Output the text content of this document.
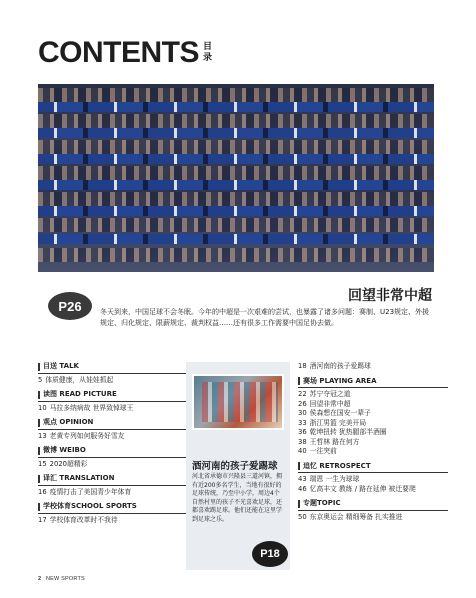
CONTENTS 目
录
P26
回望非常中超
冬天到来，中国足球不会冬眠。今年的中超是一次艰难的尝试，也暴露了诸多问题：赛制、U23规定、外援规定、归化规定、限薪规定、裁判权益……还有很多工作需要中国足协去做。
目送 TALK
5 体质健康，从娃娃抓起
读图 READ PICTURE
10 马拉多纳病故 世界致悼球王
观点 OPINION
13 老黄专列如何服务好雪友
微博 WEIBO
15 2020超精彩
译汇 TRANSLATION
16 疫情打击了美国青少年体育
学校体育SCHOOL SPORTS
17 学校体育改革时不我待
酒河南的孩子爱踢球
河北省承德市兴隆县三道河镇，拥有近200多名学生，当地有很好的足球传统，乃至中小学，周边4个自然村里的孩子不光喜欢足球，还都喜欢踢足球。他们还能在这里学到足球之乐。
P18
18 酒河南的孩子爱踢球
赛场 PLAYING AREA
22 苏宁夺冠之道
26 回望非常中超
30 侯森想在国安一辈子
33 浙江男篮 完美开局
36 乾坤扭转 犹热腿部半酒圈
38 王哲林 路在何方
40 一往突前
追忆 RETROSPECT
43 瑞恩 一生为球球
46 忆高丰文 教练 / 路在延伸 被迁要爬
专题TOPIC
50 东京奥运会 精细筹备 扎实推进
2 NEW SPORTS
